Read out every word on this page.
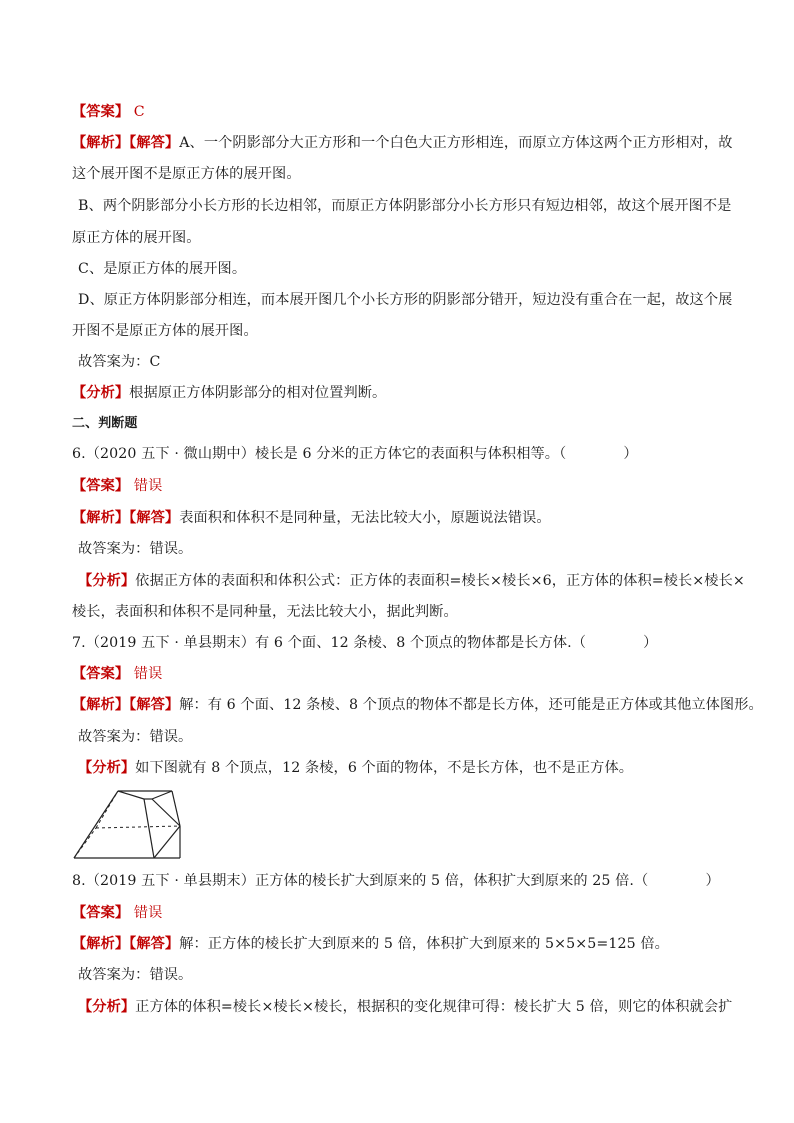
【答案】 C
【解析】【解答】A、一个阴影部分大正方形和一个白色大正方形相连，而原立方体这两个正方形相对，故
这个展开图不是原正方体的展开图。
B、两个阴影部分小长方形的长边相邻，而原正方体阴影部分小长方形只有短边相邻，故这个展开图不是
原正方体的展开图。
C、是原正方体的展开图。
D、原正方体阴影部分相连，而本展开图几个小长方形的阴影部分错开，短边没有重合在一起，故这个展
开图不是原正方体的展开图。
故答案为：C
【分析】根据原正方体阴影部分的相对位置判断。
二、判断题
6.（2020 五下 · 微山期中）棱长是 6 分米的正方体它的表面积与体积相等。（　　　　）
【答案】 错误
【解析】【解答】表面积和体积不是同种量，无法比较大小，原题说法错误。
故答案为：错误。
【分析】依据正方体的表面积和体积公式：正方体的表面积=棱长×棱长×6，正方体的体积=棱长×棱长×
棱长，表面积和体积不是同种量，无法比较大小，据此判断。
7.（2019 五下 · 单县期末）有 6 个面、12 条棱、8 个顶点的物体都是长方体.（　　　　）
【答案】 错误
【解析】【解答】解：有 6 个面、12 条棱、8 个顶点的物体不都是长方体，还可能是正方体或其他立体图形。
故答案为：错误。
【分析】如下图就有 8 个顶点，12 条棱，6 个面的物体，不是长方体，也不是正方体。
8.（2019 五下 · 单县期末）正方体的棱长扩大到原来的 5 倍，体积扩大到原来的 25 倍.（　　　　）
【答案】 错误
【解析】【解答】解：正方体的棱长扩大到原来的 5 倍，体积扩大到原来的 5×5×5=125 倍。
故答案为：错误。
【分析】正方体的体积=棱长×棱长×棱长，根据积的变化规律可得：棱长扩大 5 倍，则它的体积就会扩
